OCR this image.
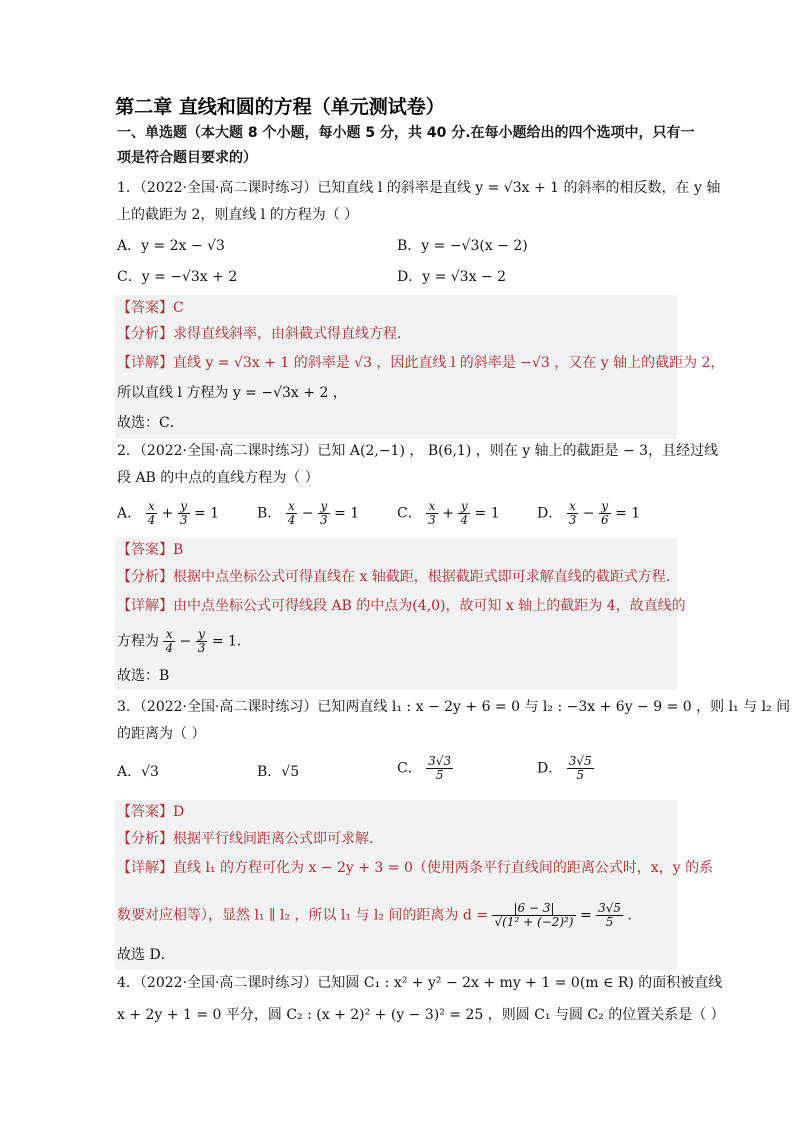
第二章 直线和圆的方程（单元测试卷）
一、单选题（本大题 8 个小题，每小题 5 分，共 40 分.在每小题给出的四个选项中，只有一
项是符合题目要求的）
1．（2022·全国·高二课时练习）已知直线 l 的斜率是直线 y = √3x + 1 的斜率的相反数，在 y 轴
上的截距为 2，则直线 l 的方程为（ ）
A．y = 2x − √3	B．y = −√3(x − 2)
C．y = −√3x + 2	D．y = √3x − 2
【答案】C
【分析】求得直线斜率，由斜截式得直线方程．
【详解】直线 y = √3x + 1 的斜率是 √3 ，因此直线 l 的斜率是 −√3 ，又在 y 轴上的截距为 2，
所以直线 l 方程为 y = −√3x + 2 ，
故选：C．
2．（2022·全国·高二课时练习）已知 A(2,−1) ， B(6,1) ，则在 y 轴上的截距是 − 3，且经过线
段 AB 的中点的直线方程为（ ）
A． $\frac{x}{4} + \frac{y}{3} = 1$	B． $\frac{x}{4} - \frac{y}{3} = 1$	C． $\frac{x}{3} + \frac{y}{4} = 1$	D． $\frac{x}{3} - \frac{y}{6} = 1$
【答案】B
【分析】根据中点坐标公式可得直线在 x 轴截距，根据截距式即可求解直线的截距式方程．
【详解】由中点坐标公式可得线段 AB 的中点为(4,0)，故可知 x 轴上的截距为 4，故直线的
方程为 $\frac{x}{4} - \frac{y}{3} = 1$．
故选：B
3．（2022·全国·高二课时练习）已知两直线 l₁ : x − 2y + 6 = 0 与 l₂ : −3x + 6y − 9 = 0 ，则 l₁ 与 l₂ 间
的距离为（ ）
A．√3	B．√5	C． $\frac{3√3}{5}$	D． $\frac{3√5}{5}$
【答案】D
【分析】根据平行线间距离公式即可求解．
【详解】直线 l₁ 的方程可化为 x − 2y + 3 = 0（使用两条平行直线间的距离公式时，x，y 的系
数要对应相等），显然 l₁ ∥ l₂ ，所以 l₁ 与 l₂ 间的距离为 $d = \frac{|6 - 3|}{\text{√(1² + (−2)²)}} = \frac{3√5}{5}$ ．
故选 D．
4．（2022·全国·高二课时练习）已知圆 C₁ : x² + y² − 2x + my + 1 = 0(m ∈ R) 的面积被直线
x + 2y + 1 = 0 平分，圆 C₂ : (x + 2)² + (y − 3)² = 25 ，则圆 C₁ 与圆 C₂ 的位置关系是（ ）
